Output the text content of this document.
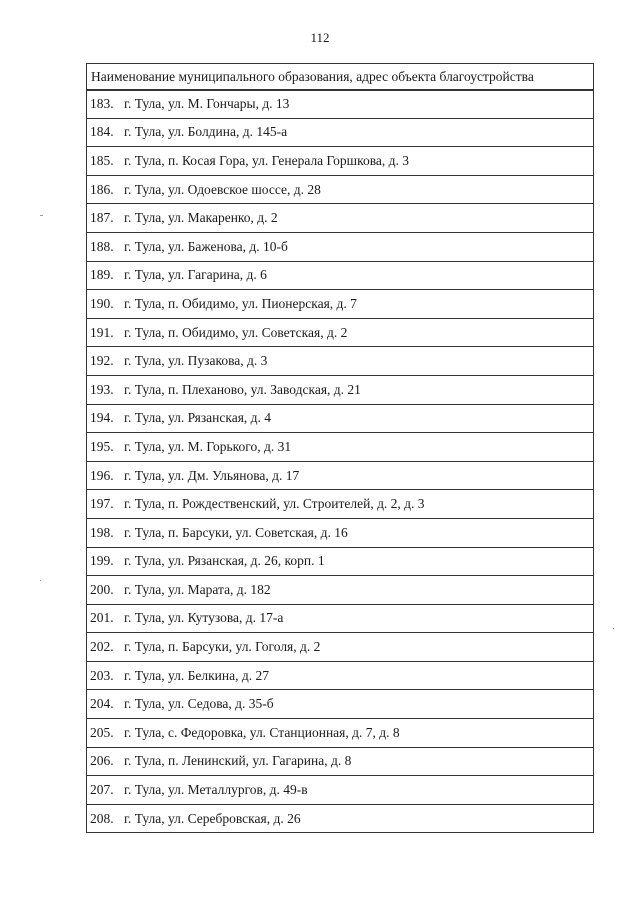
112
Наименование муниципального образования, адрес объекта благоустройства
183. г. Тула, ул. М. Гончары, д. 13
184. г. Тула, ул. Болдина, д. 145-а
185. г. Тула, п. Косая Гора, ул. Генерала Горшкова, д. 3
186. г. Тула, ул. Одоевское шоссе, д. 28
187. г. Тула, ул. Макаренко, д. 2
188. г. Тула, ул. Баженова, д. 10-б
189. г. Тула, ул. Гагарина, д. 6
190. г. Тула, п. Обидимо, ул. Пионерская, д. 7
191. г. Тула, п. Обидимо, ул. Советская, д. 2
192. г. Тула, ул. Пузакова, д. 3
193. г. Тула, п. Плеханово, ул. Заводская, д. 21
194. г. Тула, ул. Рязанская, д. 4
195. г. Тула, ул. М. Горького, д. 31
196. г. Тула, ул. Дм. Ульянова, д. 17
197. г. Тула, п. Рождественский, ул. Строителей, д. 2, д. 3
198. г. Тула, п. Барсуки, ул. Советская, д. 16
199. г. Тула, ул. Рязанская, д. 26, корп. 1
200. г. Тула, ул. Марата, д. 182
201. г. Тула, ул. Кутузова, д. 17-а
202. г. Тула, п. Барсуки, ул. Гоголя, д. 2
203. г. Тула, ул. Белкина, д. 27
204. г. Тула, ул. Седова, д. 35-б
205. г. Тула, с. Федоровка, ул. Станционная, д. 7, д. 8
206. г. Тула, п. Ленинский, ул. Гагарина, д. 8
207. г. Тула, ул. Металлургов, д. 49-в
208. г. Тула, ул. Серебровская, д. 26
